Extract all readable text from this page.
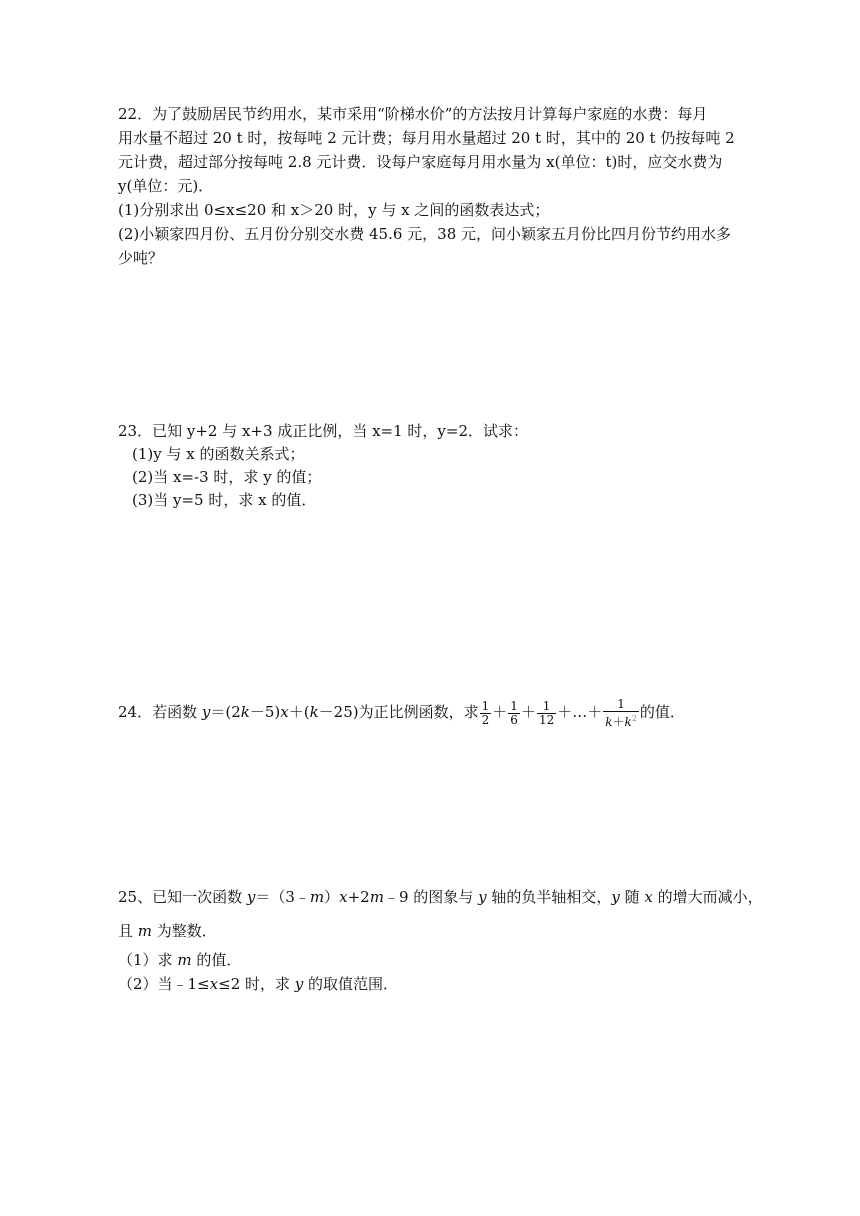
22．为了鼓励居民节约用水，某市采用“阶梯水价”的方法按月计算每户家庭的水费：每月
用水量不超过 20 t 时，按每吨 2 元计费；每月用水量超过 20 t 时，其中的 20 t 仍按每吨 2
元计费，超过部分按每吨 2.8 元计费．设每户家庭每月用水量为 x(单位：t)时，应交水费为
y(单位：元)．
(1)分别求出 0≤x≤20 和 x＞20 时，y 与 x 之间的函数表达式；
(2)小颖家四月份、五月份分别交水费 45.6 元，38 元，问小颖家五月份比四月份节约用水多
少吨？
23．已知 y+2 与 x+3 成正比例，当 x=1 时，y=2．试求：
(1)y 与 x 的函数关系式；
(2)当 x=-3 时，求 y 的值；
(3)当 y=5 时，求 x 的值．
24．若函数 y＝(2k－5)x＋(k－25)为正比例函数，求 $\frac{1}{2} + \frac{1}{6} + \frac{1}{12}$ ＋…＋ $\frac{1}{k+k^2}$ 的值．
25、已知一次函数 y＝（3﹣m）x+2m﹣9 的图象与 y 轴的负半轴相交，y 随 x 的增大而减小，
且 m 为整数．
（1）求 m 的值．
（2）当﹣1≤x≤2 时，求 y 的取值范围．
